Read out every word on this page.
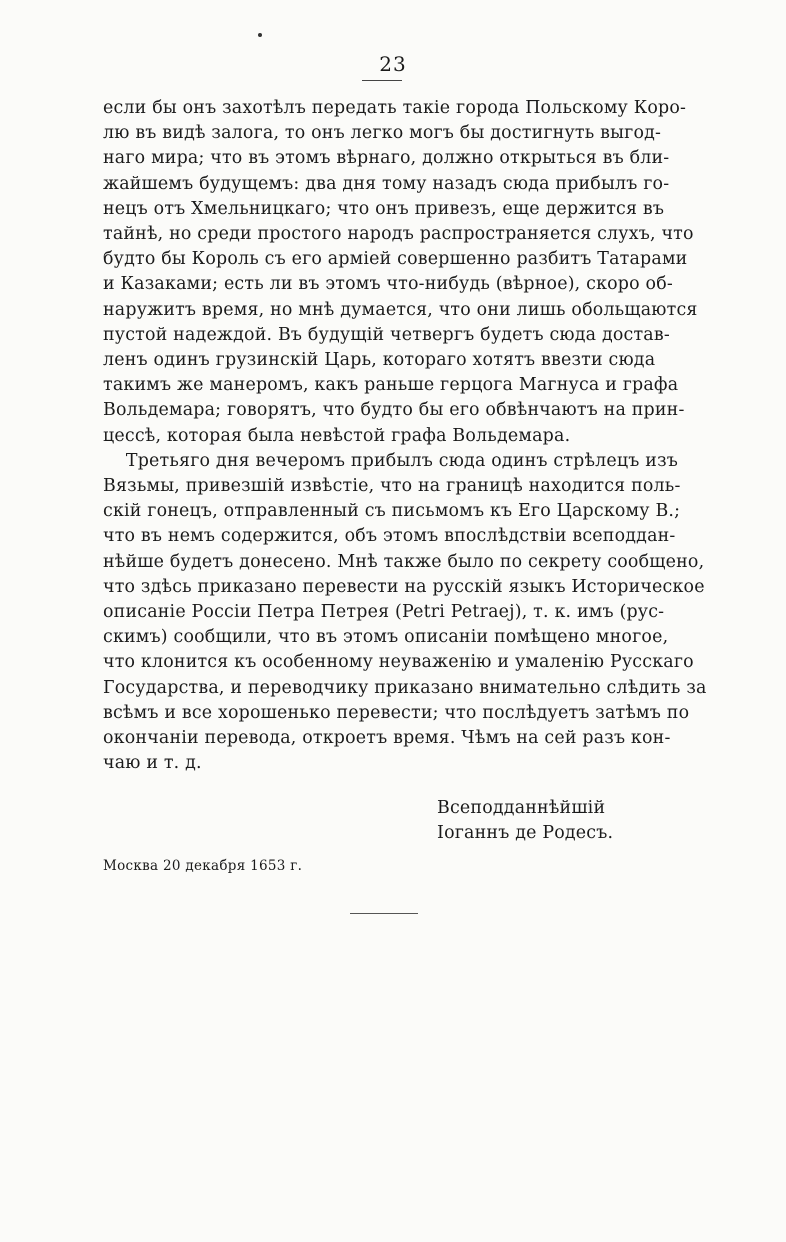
23
если бы онъ захотѣлъ передать такіе города Польскому Коро-
лю въ видѣ залога, то онъ легко могъ бы достигнуть выгод-
наго мира; что въ этомъ вѣрнаго, должно открыться въ бли-
жайшемъ будущемъ: два дня тому назадъ сюда прибылъ го-
нецъ отъ Хмельницкаго; что онъ привезъ, еще держится въ
тайнѣ, но среди простого народъ распространяется слухъ, что
будто бы Король съ его арміей совершенно разбитъ Татарами
и Казаками; есть ли въ этомъ что-нибудь (вѣрное), скоро об-
наружитъ время, но мнѣ думается, что они лишь обольщаются
пустой надеждой. Въ будущій четвергъ будетъ сюда достав-
ленъ одинъ грузинскій Царь, котораго хотятъ ввезти сюда
такимъ же манеромъ, какъ раньше герцога Магнуса и графа
Вольдемара; говорятъ, что будто бы его обвѣнчаютъ на прин-
цессѣ, которая была невѣстой графа Вольдемара.
Третьяго дня вечеромъ прибылъ сюда одинъ стрѣлецъ изъ
Вязьмы, привезшій извѣстіе, что на границѣ находится поль-
скій гонецъ, отправленный съ письмомъ къ Его Царскому В.;
что въ немъ содержится, объ этомъ впослѣдствіи всеподдан-
нѣйше будетъ донесено. Мнѣ также было по секрету сообщено,
что здѣсь приказано перевести на русскій языкъ Историческое
описаніе Россіи Петра Петрея (Petri Petraej), т. к. имъ (рус-
скимъ) сообщили, что въ этомъ описаніи помѣщено многое,
что клонится къ особенному неуваженію и умаленію Русскаго
Государства, и переводчику приказано внимательно слѣдить за
всѣмъ и все хорошенько перевести; что послѣдуетъ затѣмъ по
окончаніи перевода, откроетъ время. Чѣмъ на сей разъ кон-
чаю и т. д.
Всеподданнѣйшій
Іоганнъ де Родесъ.
Москва 20 декабря 1653 г.
